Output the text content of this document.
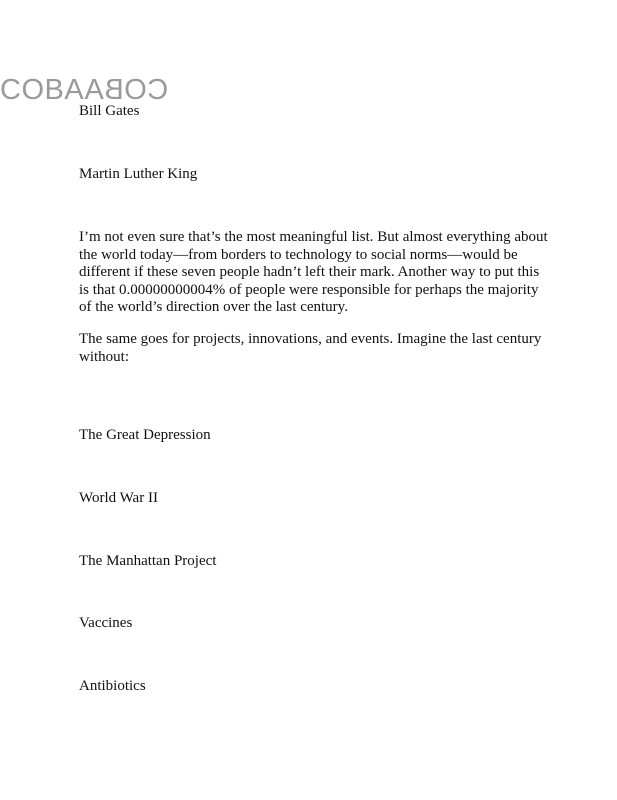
COBACOBA
Bill Gates
Martin Luther King

I’m not even sure that’s the most meaningful list. But almost everything about the world today—from borders to technology to social norms—would be different if these seven people hadn’t left their mark. Another way to put this is that 0.00000000004% of people were responsible for perhaps the majority of the world’s direction over the last century.

The same goes for projects, innovations, and events. Imagine the last century without:

The Great Depression
World War II
The Manhattan Project
Vaccines
Antibiotics
